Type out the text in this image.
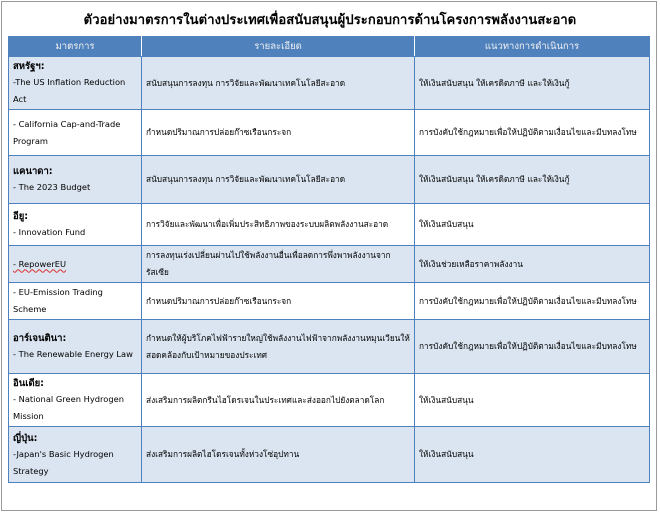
ตัวอย่างมาตรการในต่างประเทศเพื่อสนับสนุนผู้ประกอบการด้านโครงการพลังงานสะอาด
มาตรการ	รายละเอียด	แนวทางการดำเนินการ

สหรัฐฯ:
-The US Inflation Reduction Act	สนับสนุนการลงทุน การวิจัยและพัฒนาเทคโนโลยีสะอาด	ให้เงินสนับสนุน ให้เครดิตภาษี และให้เงินกู้

- California Cap-and-Trade Program	กำหนดปริมาณการปล่อยก๊าซเรือนกระจก	การบังคับใช้กฎหมายเพื่อให้ปฏิบัติตามเงื่อนไขและมีบทลงโทษ

แคนาดา:
- The 2023 Budget	สนับสนุนการลงทุน การวิจัยและพัฒนาเทคโนโลยีสะอาด	ให้เงินสนับสนุน ให้เครดิตภาษี และให้เงินกู้

อียู:
- Innovation Fund	การวิจัยและพัฒนาเพื่อเพิ่มประสิทธิภาพของระบบผลิตพลังงานสะอาด	ให้เงินสนับสนุน

- RepowerEU	การลงทุนเร่งเปลี่ยนผ่านไปใช้พลังงานอื่นเพื่อลดการพึ่งพาพลังงานจากรัสเซีย	ให้เงินช่วยเหลือราคาพลังงาน

- EU-Emission Trading Scheme	กำหนดปริมาณการปล่อยก๊าซเรือนกระจก	การบังคับใช้กฎหมายเพื่อให้ปฏิบัติตามเงื่อนไขและมีบทลงโทษ

อาร์เจนตินา:
- The Renewable Energy Law	กำหนดให้ผู้บริโภคไฟฟ้ารายใหญ่ใช้พลังงานไฟฟ้าจากพลังงานหมุนเวียนให้สอดคล้องกับเป้าหมายของประเทศ	การบังคับใช้กฎหมายเพื่อให้ปฏิบัติตามเงื่อนไขและมีบทลงโทษ

อินเดีย:
- National Green Hydrogen Mission	ส่งเสริมการผลิตกรีนไฮโดรเจนในประเทศและส่งออกไปยังตลาดโลก	ให้เงินสนับสนุน

ญี่ปุ่น:
-Japan's Basic Hydrogen Strategy	ส่งเสริมการผลิตไฮโดรเจนทั้งห่วงโซ่อุปทาน	ให้เงินสนับสนุน
